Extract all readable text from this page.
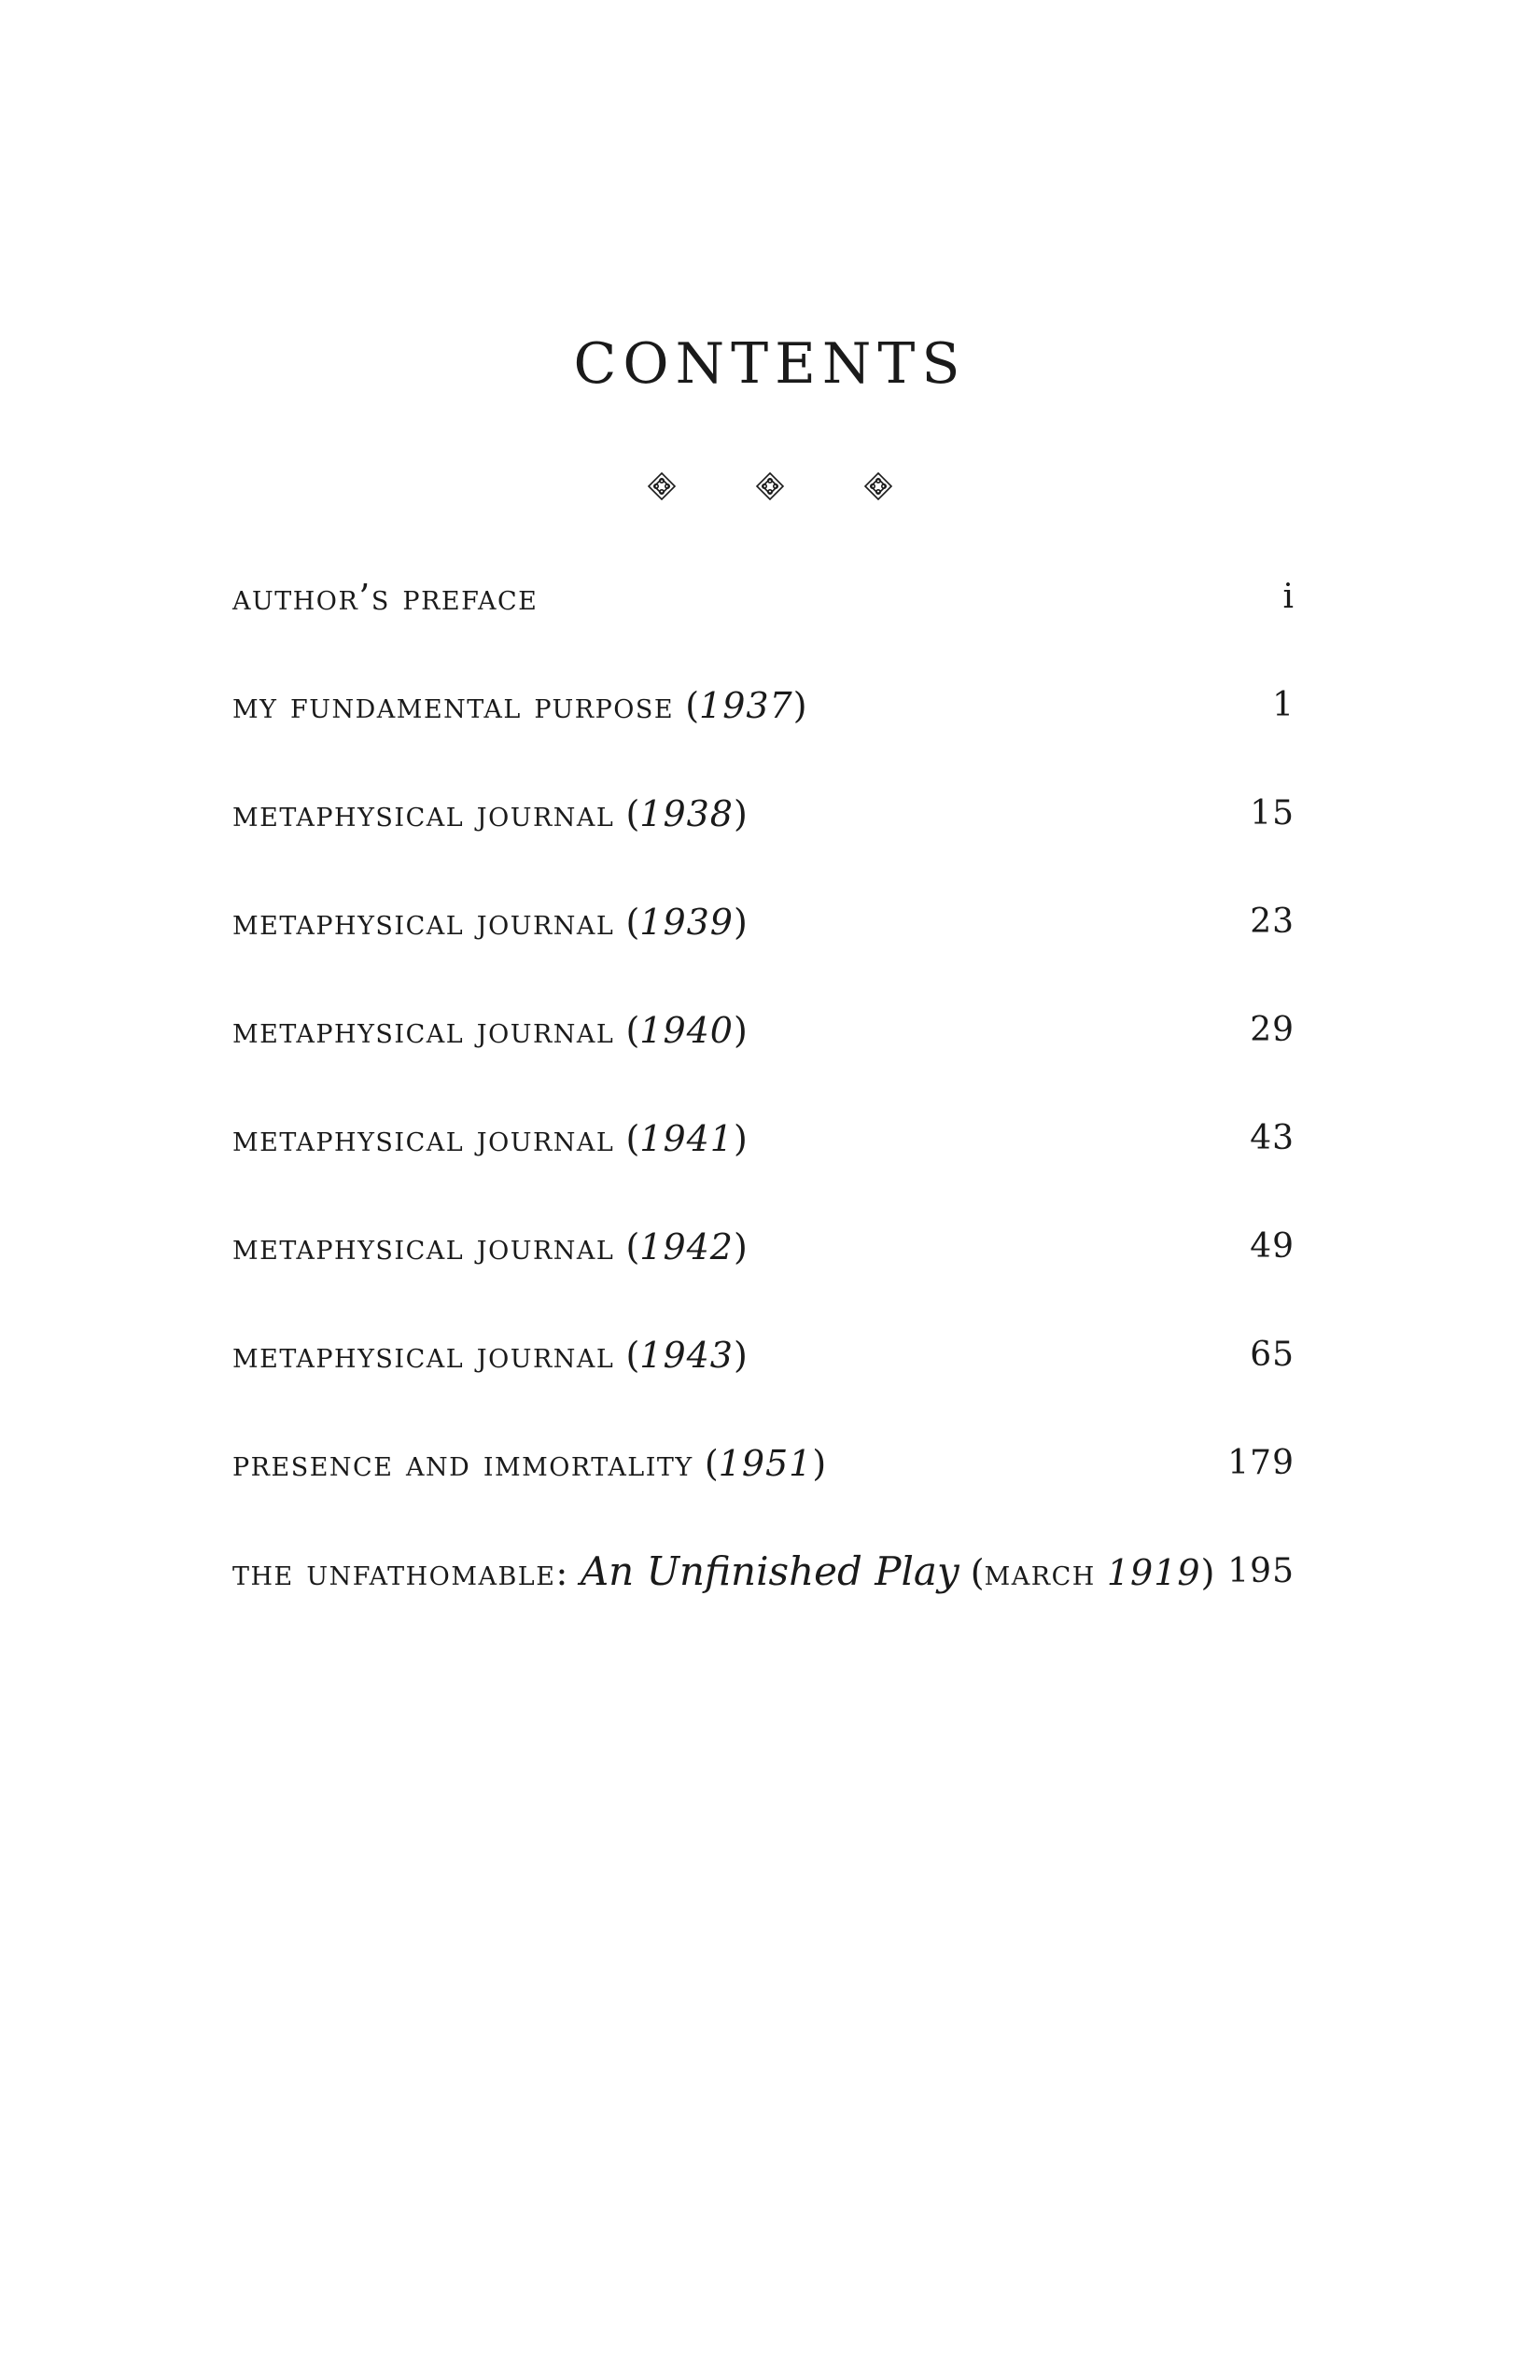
CONTENTS
author’s preface	i
my fundamental purpose (1937)	1
metaphysical journal (1938)	15
metaphysical journal (1939)	23
metaphysical journal (1940)	29
metaphysical journal (1941)	43
metaphysical journal (1942)	49
metaphysical journal (1943)	65
presence and immortality (1951)	179
the unfathomable: An Unfinished Play (march 1919) 195
